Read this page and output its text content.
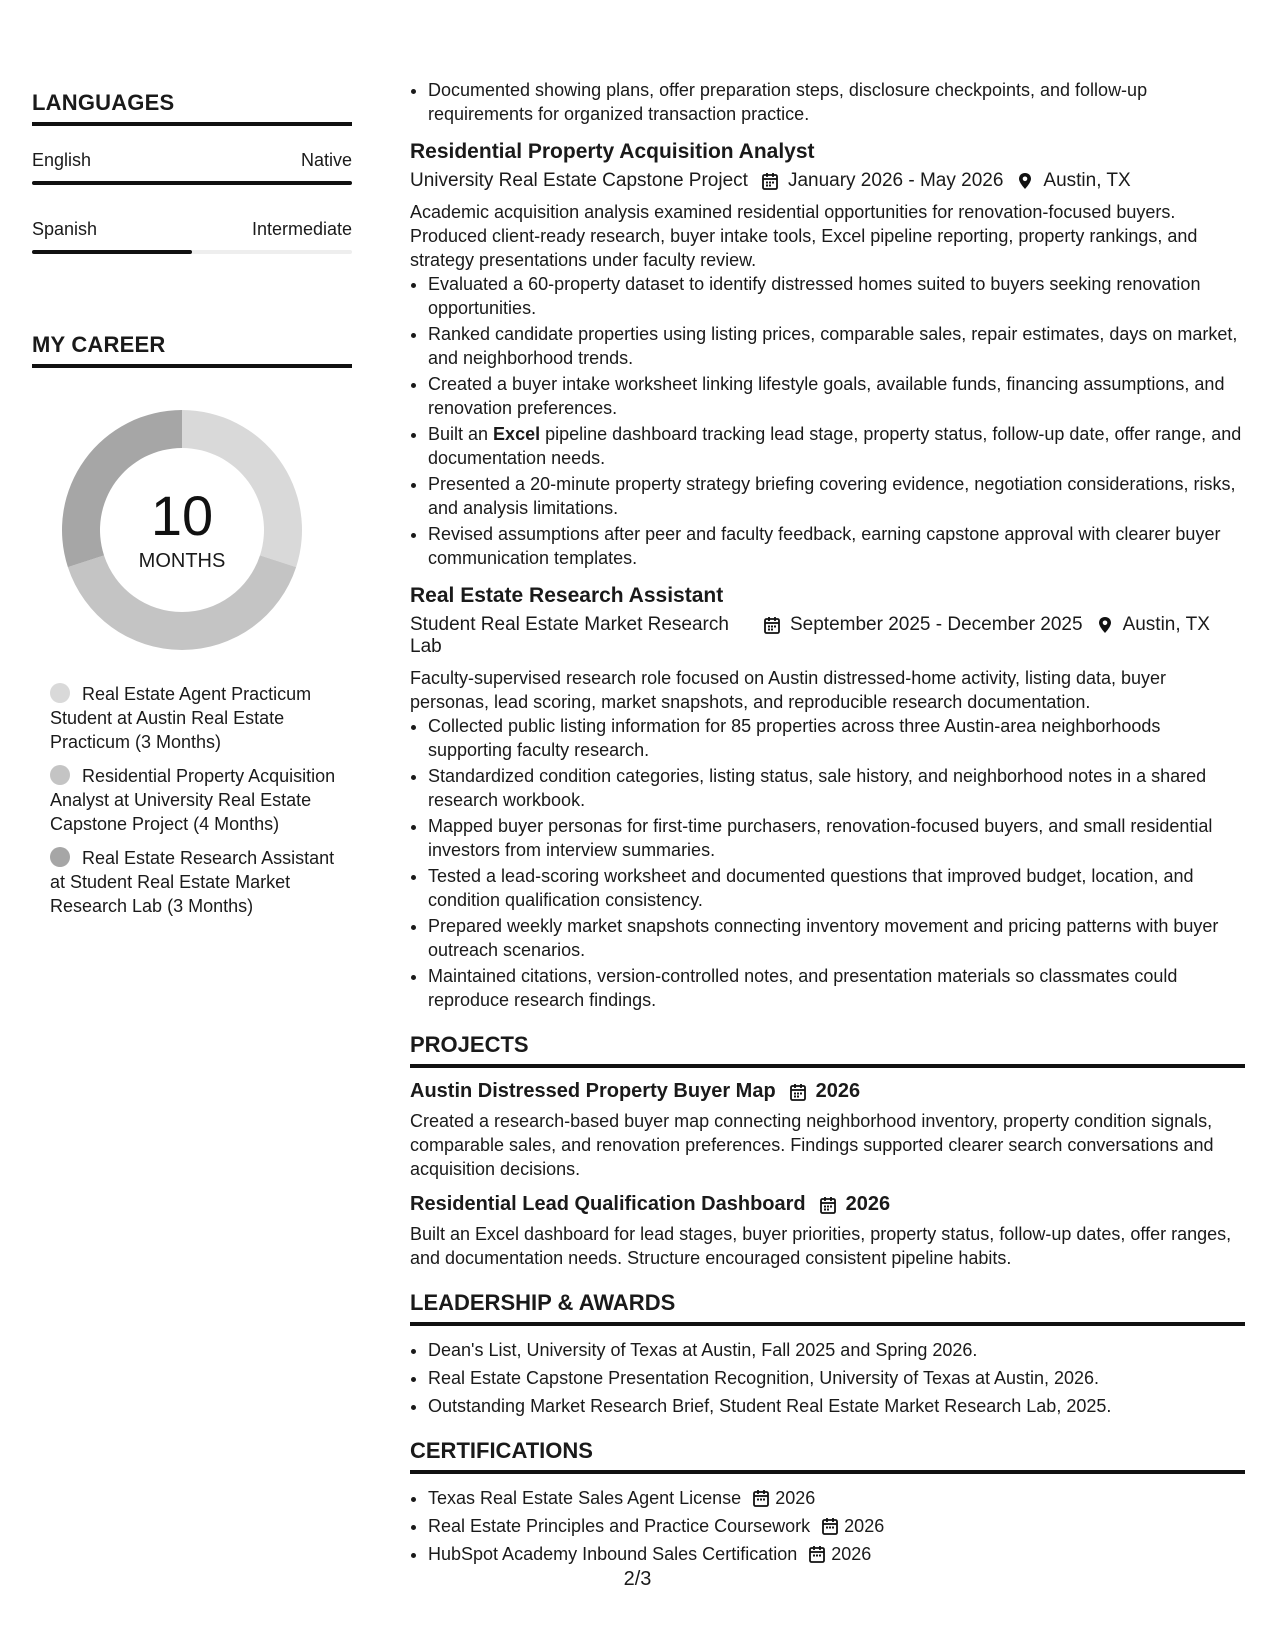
LANGUAGES
English	Native
Spanish	Intermediate
MY CAREER
10
MONTHS
Real Estate Agent Practicum Student at Austin Real Estate Practicum (3 Months)
Residential Property Acquisition Analyst at University Real Estate Capstone Project (4 Months)
Real Estate Research Assistant at Student Real Estate Market Research Lab (3 Months)
• Documented showing plans, offer preparation steps, disclosure checkpoints, and follow-up requirements for organized transaction practice.
Residential Property Acquisition Analyst
University Real Estate Capstone Project January 2026 - May 2026 Austin, TX
Academic acquisition analysis examined residential opportunities for renovation-focused buyers. Produced client-ready research, buyer intake tools, Excel pipeline reporting, property rankings, and strategy presentations under faculty review.
• Evaluated a 60-property dataset to identify distressed homes suited to buyers seeking renovation opportunities.
• Ranked candidate properties using listing prices, comparable sales, repair estimates, days on market, and neighborhood trends.
• Created a buyer intake worksheet linking lifestyle goals, available funds, financing assumptions, and renovation preferences.
• Built an Excel pipeline dashboard tracking lead stage, property status, follow-up date, offer range, and documentation needs.
• Presented a 20-minute property strategy briefing covering evidence, negotiation considerations, risks, and analysis limitations.
• Revised assumptions after peer and faculty feedback, earning capstone approval with clearer buyer communication templates.
Real Estate Research Assistant
Student Real Estate Market Research Lab
September 2025 - December 2025 Austin, TX
Faculty-supervised research role focused on Austin distressed-home activity, listing data, buyer personas, lead scoring, market snapshots, and reproducible research documentation.
• Collected public listing information for 85 properties across three Austin-area neighborhoods supporting faculty research.
• Standardized condition categories, listing status, sale history, and neighborhood notes in a shared research workbook.
• Mapped buyer personas for first-time purchasers, renovation-focused buyers, and small residential investors from interview summaries.
• Tested a lead-scoring worksheet and documented questions that improved budget, location, and condition qualification consistency.
• Prepared weekly market snapshots connecting inventory movement and pricing patterns with buyer outreach scenarios.
• Maintained citations, version-controlled notes, and presentation materials so classmates could reproduce research findings.
PROJECTS
Austin Distressed Property Buyer Map 2026
Created a research-based buyer map connecting neighborhood inventory, property condition signals, comparable sales, and renovation preferences. Findings supported clearer search conversations and acquisition decisions.
Residential Lead Qualification Dashboard 2026
Built an Excel dashboard for lead stages, buyer priorities, property status, follow-up dates, offer ranges, and documentation needs. Structure encouraged consistent pipeline habits.
LEADERSHIP & AWARDS
• Dean's List, University of Texas at Austin, Fall 2025 and Spring 2026.
• Real Estate Capstone Presentation Recognition, University of Texas at Austin, 2026.
• Outstanding Market Research Brief, Student Real Estate Market Research Lab, 2025.
CERTIFICATIONS
• Texas Real Estate Sales Agent License 2026
• Real Estate Principles and Practice Coursework 2026
• HubSpot Academy Inbound Sales Certification 2026
2/3
